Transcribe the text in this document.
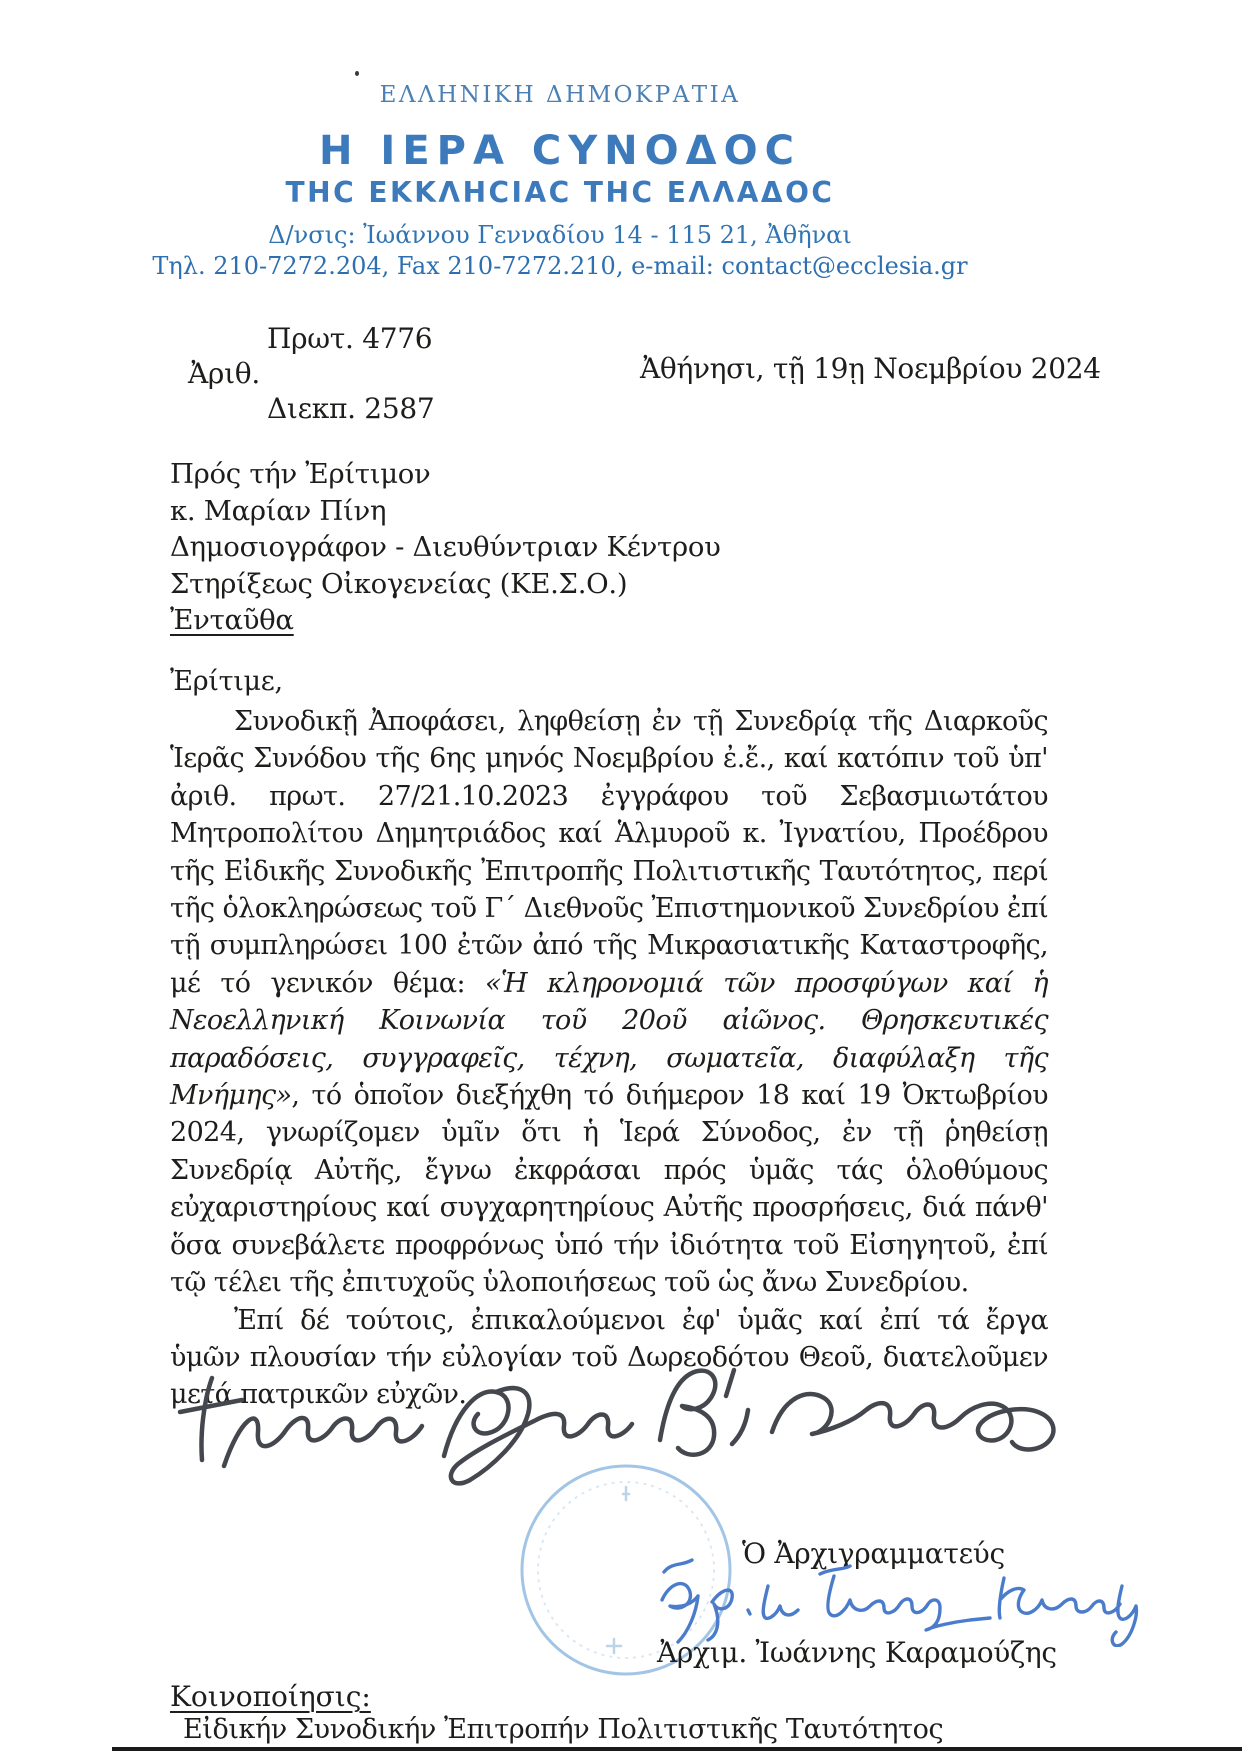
ΕΛΛΗΝΙΚΗ ΔΗΜΟΚΡΑΤΙΑ
Η ΙΕΡΑ ϹΥΝΟΔΟϹ
ΤΗϹ ΕΚΚΛΗϹΙΑϹ ΤΗϹ ΕΛΛΑΔΟϹ
Δ/νσις: Ἰωάννου Γενναδίου 14 - 115 21, Ἀθῆναι
Τηλ. 210-7272.204, Fax 210-7272.210, e-mail: contact@ecclesia.gr
Πρωτ. 4776
Ἀριθ.	Ἀθήνησι, τῇ 19ῃ Νοεμβρίου 2024
Διεκπ. 2587
Πρός τήν Ἐρίτιμον
κ. Μαρίαν Πίνη
Δημοσιογράφον - Διευθύντριαν Κέντρου
Στηρίξεως Οἰκογενείας (ΚΕ.Σ.Ο.)
Ἐνταῦθα
Ἐρίτιμε,

Συνοδικῇ Ἀποφάσει, ληφθείσῃ ἐν τῇ Συνεδρίᾳ τῆς Διαρκοῦς Ἱερᾶς Συνόδου τῆς 6ης μηνός Νοεμβρίου ἐ.ἔ., καί κατόπιν τοῦ ὑπ' ἀριθ. πρωτ. 27/21.10.2023 ἐγγράφου τοῦ Σεβασμιωτάτου Μητροπολίτου Δημητριάδος καί Ἁλμυροῦ κ. Ἰγνατίου, Προέδρου τῆς Εἰδικῆς Συνοδικῆς Ἐπιτροπῆς Πολιτιστικῆς Ταυτότητος, περί τῆς ὁλοκληρώσεως τοῦ Γ΄ Διεθνοῦς Ἐπιστημονικοῦ Συνεδρίου ἐπί τῇ συμπληρώσει 100 ἐτῶν ἀπό τῆς Μικρασιατικῆς Καταστροφῆς, μέ τό γενικόν θέμα: «Ἡ κληρονομιά τῶν προσφύγων καί ἡ Νεοελληνική Κοινωνία τοῦ 20οῦ αἰῶνος. Θρησκευτικές παραδόσεις, συγγραφεῖς, τέχνη, σωματεῖα, διαφύλαξη τῆς Μνήμης», τό ὁποῖον διεξήχθη τό διήμερον 18 καί 19 Ὀκτωβρίου 2024, γνωρίζομεν ὑμῖν ὅτι ἡ Ἱερά Σύνοδος, ἐν τῇ ῥηθείσῃ Συνεδρίᾳ Αὐτῆς, ἔγνω ἐκφράσαι πρός ὑμᾶς τάς ὁλοθύμους εὐχαριστηρίους καί συγχαρητηρίους Αὐτῆς προσρήσεις, διά πάνθ' ὅσα συνεβάλετε προφρόνως ὑπό τήν ἰδιότητα τοῦ Εἰσηγητοῦ, ἐπί τῷ τέλει τῆς ἐπιτυχοῦς ὑλοποιήσεως τοῦ ὡς ἄνω Συνεδρίου.

Ἐπί δέ τούτοις, ἐπικαλούμενοι ἐφ' ὑμᾶς καί ἐπί τά ἔργα ὑμῶν πλουσίαν τήν εὐλογίαν τοῦ Δωρεοδότου Θεοῦ, διατελοῦμεν μετά πατρικῶν εὐχῶν.

Ὁ Ἀρχιγραμματεύς
Ἀρχιμ. Ἰωάννης Καραμούζης
Κοινοποίησις:
Εἰδικήν Συνοδικήν Ἐπιτροπήν Πολιτιστικῆς Ταυτότητος
